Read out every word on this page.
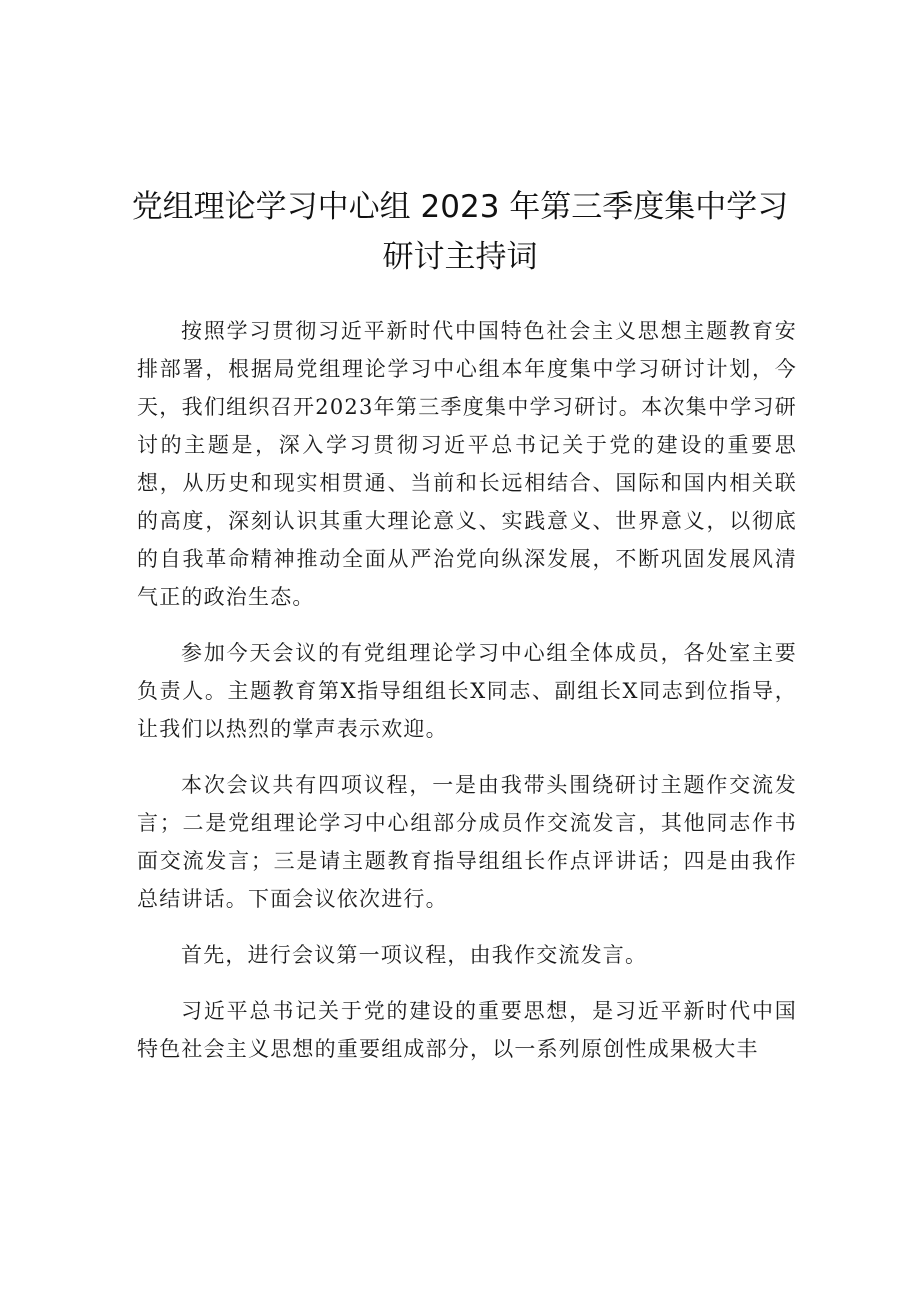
党组理论学习中心组 2023 年第三季度集中学习
研讨主持词

按照学习贯彻习近平新时代中国特色社会主义思想主题教育安排部署，根据局党组理论学习中心组本年度集中学习研讨计划，今天，我们组织召开2023年第三季度集中学习研讨。本次集中学习研讨的主题是，深入学习贯彻习近平总书记关于党的建设的重要思想，从历史和现实相贯通、当前和长远相结合、国际和国内相关联的高度，深刻认识其重大理论意义、实践意义、世界意义，以彻底的自我革命精神推动全面从严治党向纵深发展，不断巩固发展风清气正的政治生态。

参加今天会议的有党组理论学习中心组全体成员，各处室主要负责人。主题教育第X指导组组长X同志、副组长X同志到位指导，让我们以热烈的掌声表示欢迎。

本次会议共有四项议程，一是由我带头围绕研讨主题作交流发言；二是党组理论学习中心组部分成员作交流发言，其他同志作书面交流发言；三是请主题教育指导组组长作点评讲话；四是由我作总结讲话。下面会议依次进行。

首先，进行会议第一项议程，由我作交流发言。

习近平总书记关于党的建设的重要思想，是习近平新时代中国特色社会主义思想的重要组成部分，以一系列原创性成果极大丰
